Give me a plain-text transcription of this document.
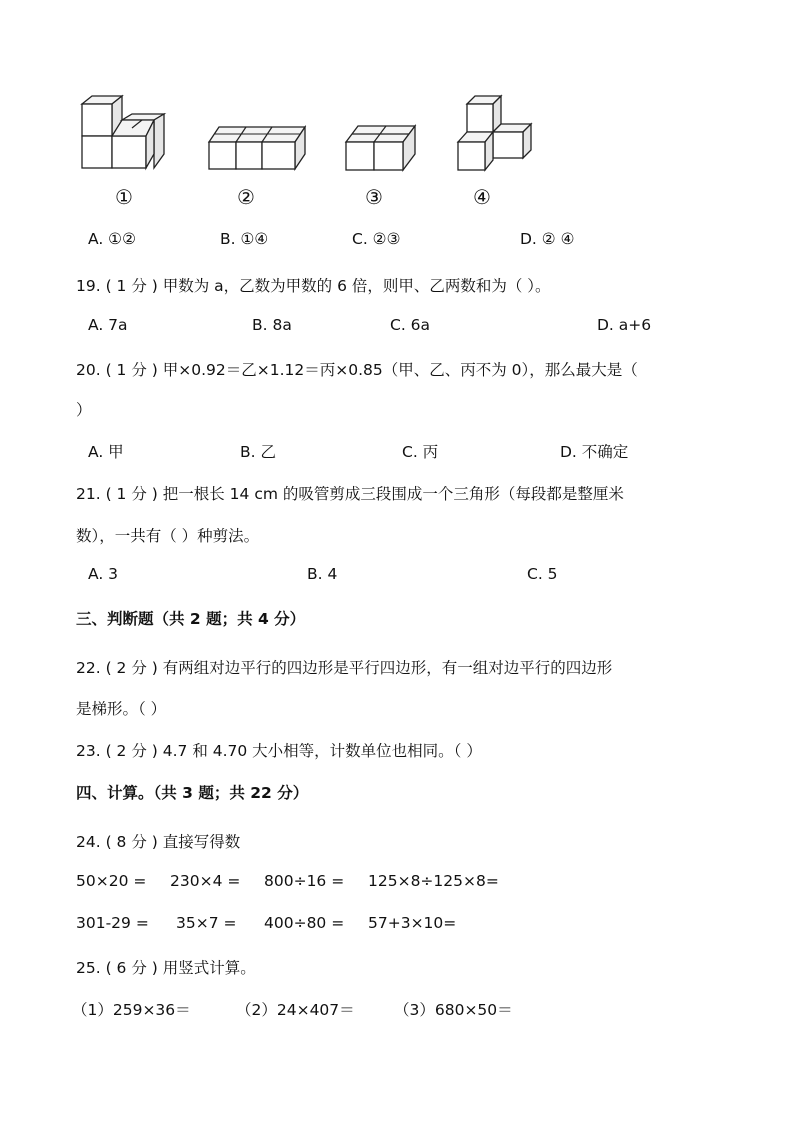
①	②	③	④
A. ①②	B. ①④	C. ②③	D. ② ④
19. ( 1 分 ) 甲数为 a，乙数为甲数的 6 倍，则甲、乙两数和为（ ）。
A. 7a	B. 8a	C. 6a	D. a+6
20. ( 1 分 ) 甲×0.92＝乙×1.12＝丙×0.85（甲、乙、丙不为 0），那么最大是（
）
A. 甲	B. 乙	C. 丙	D. 不确定
21. ( 1 分 ) 把一根长 14 cm 的吸管剪成三段围成一个三角形（每段都是整厘米
数），一共有（ ）种剪法。
A. 3	B. 4	C. 5
三、判断题（共 2 题；共 4 分）
22. ( 2 分 ) 有两组对边平行的四边形是平行四边形，有一组对边平行的四边形
是梯形。（ ）
23. ( 2 分 ) 4.7 和 4.70 大小相等，计数单位也相同。（ ）
四、计算。（共 3 题；共 22 分）
24. ( 8 分 ) 直接写得数
50×20 = 230×4 = 800÷16 = 125×8÷125×8=
301-29 = 35×7 = 400÷80 = 57+3×10=
25. ( 6 分 ) 用竖式计算。
（1）259×36＝	（2）24×407＝	（3）680×50＝
